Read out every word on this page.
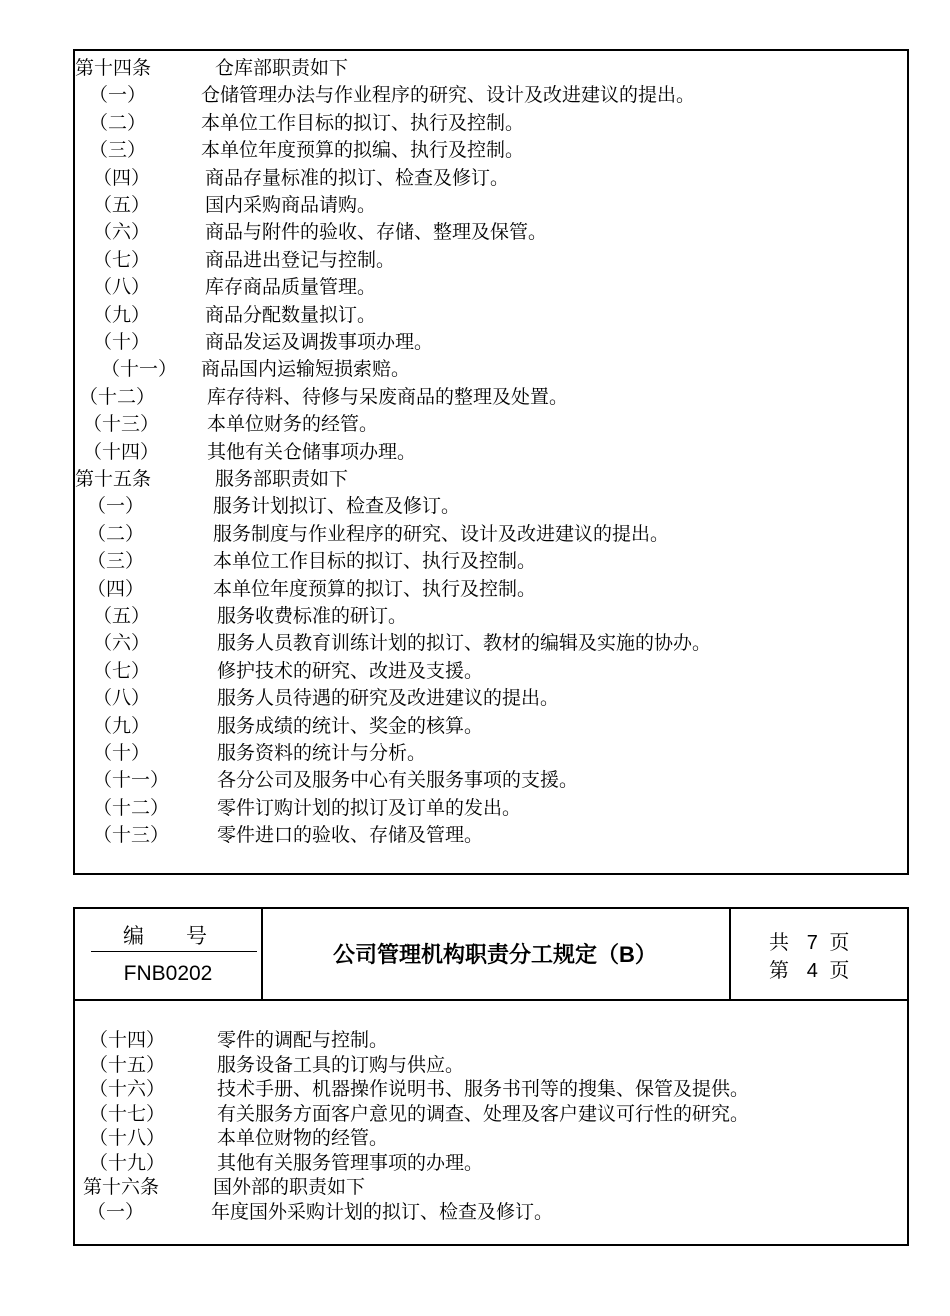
第十四条	仓库部职责如下
（一）	仓储管理办法与作业程序的研究、设计及改进建议的提出。
（二）	本单位工作目标的拟订、执行及控制。
（三）	本单位年度预算的拟编、执行及控制。
（四）	商品存量标准的拟订、检查及修订。
（五）	国内采购商品请购。
（六）	商品与附件的验收、存储、整理及保管。
（七）	商品进出登记与控制。
（八）	库存商品质量管理。
（九）	商品分配数量拟订。
（十）	商品发运及调拨事项办理。
（十一） 商品国内运输短损索赔。
（十二）	库存待料、待修与呆废商品的整理及处置。
（十三）	本单位财务的经管。
（十四）	其他有关仓储事项办理。
第十五条	服务部职责如下
（一）	服务计划拟订、检查及修订。
（二）	服务制度与作业程序的研究、设计及改进建议的提出。
（三）	本单位工作目标的拟订、执行及控制。
（四）	本单位年度预算的拟订、执行及控制。
（五）	服务收费标准的研订。
（六）	服务人员教育训练计划的拟订、教材的编辑及实施的协办。
（七）	修护技术的研究、改进及支援。
（八）	服务人员待遇的研究及改进建议的提出。
（九）	服务成绩的统计、奖金的核算。
（十）	服务资料的统计与分析。
（十一）	各分公司及服务中心有关服务事项的支援。
（十二）	零件订购计划的拟订及订单的发出。
（十三）	零件进口的验收、存储及管理。
编　　号
FNB0202
公司管理机构职责分工规定（B）	共 7 页
第 4 页
（十四）	零件的调配与控制。
（十五）	服务设备工具的订购与供应。
（十六）	技术手册、机器操作说明书、服务书刊等的搜集、保管及提供。
（十七）	有关服务方面客户意见的调查、处理及客户建议可行性的研究。
（十八）	本单位财物的经管。
（十九）	其他有关服务管理事项的办理。
第十六条	国外部的职责如下
（一）	年度国外采购计划的拟订、检查及修订。
